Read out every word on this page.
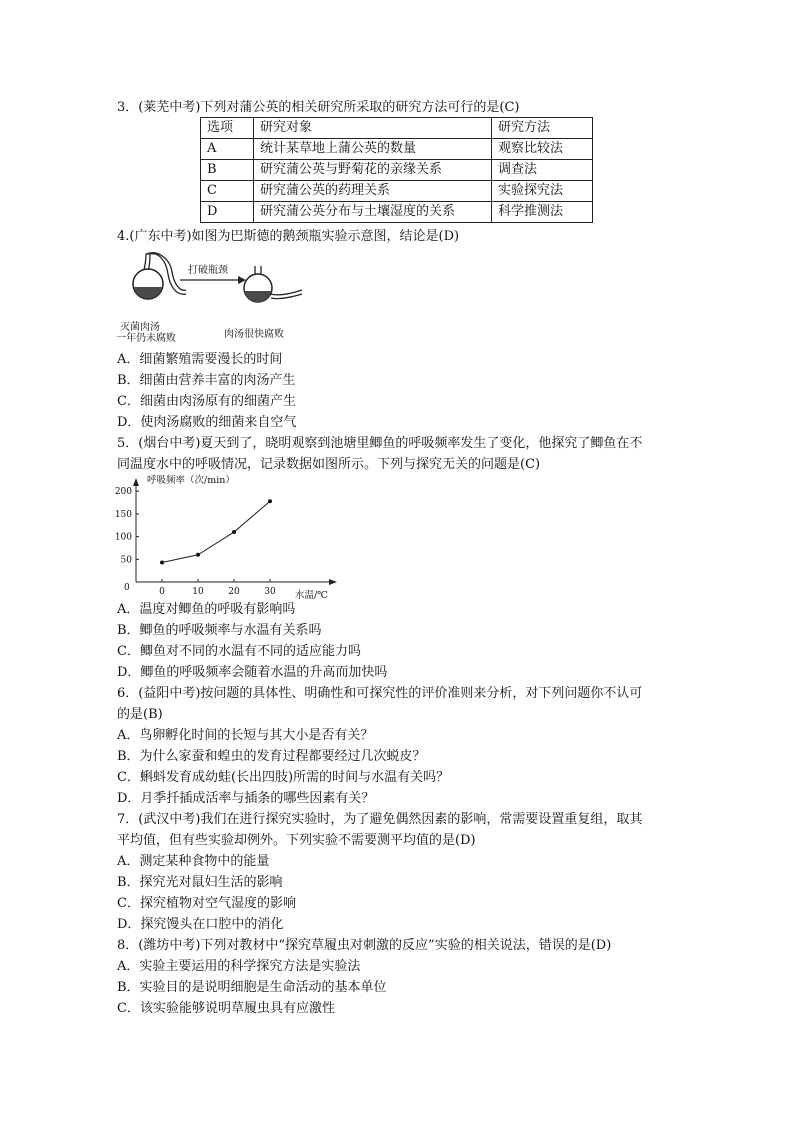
3．(莱芜中考)下列对蒲公英的相关研究所采取的研究方法可行的是(C)
选项	研究对象	研究方法
A	统计某草地上蒲公英的数量	观察比较法
B	研究蒲公英与野菊花的亲缘关系	调查法
C	研究蒲公英的药理关系	实验探究法
D	研究蒲公英分布与土壤湿度的关系	科学推测法
4.(广东中考)如图为巴斯德的鹅颈瓶实验示意图，结论是(D)
打破瓶颈
灭菌肉汤
一年仍未腐败	肉汤很快腐败
A．细菌繁殖需要漫长的时间
B．细菌由营养丰富的肉汤产生
C．细菌由肉汤原有的细菌产生
D．使肉汤腐败的细菌来自空气
5．(烟台中考)夏天到了，晓明观察到池塘里鲫鱼的呼吸频率发生了变化，他探究了鲫鱼在不
同温度水中的呼吸情况，记录数据如图所示。下列与探究无关的问题是(C)
呼吸频率（次/min）
水温/℃
0
50
100
150
200
0	10	20	30
A．温度对鲫鱼的呼吸有影响吗
B．鲫鱼的呼吸频率与水温有关系吗
C．鲫鱼对不同的水温有不同的适应能力吗
D．鲫鱼的呼吸频率会随着水温的升高而加快吗
6．(益阳中考)按问题的具体性、明确性和可探究性的评价准则来分析，对下列问题你不认可
的是(B)
A．鸟卵孵化时间的长短与其大小是否有关？
B．为什么家蚕和蝗虫的发育过程都要经过几次蜕皮？
C．蝌蚪发育成幼蛙(长出四肢)所需的时间与水温有关吗？
D．月季扦插成活率与插条的哪些因素有关？
7．(武汉中考)我们在进行探究实验时，为了避免偶然因素的影响，常需要设置重复组，取其
平均值，但有些实验却例外。下列实验不需要测平均值的是(D)
A．测定某种食物中的能量
B．探究光对鼠妇生活的影响
C．探究植物对空气湿度的影响
D．探究馒头在口腔中的消化
8．(潍坊中考)下列对教材中“探究草履虫对刺激的反应”实验的相关说法，错误的是(D)
A．实验主要运用的科学探究方法是实验法
B．实验目的是说明细胞是生命活动的基本单位
C．该实验能够说明草履虫具有应激性
